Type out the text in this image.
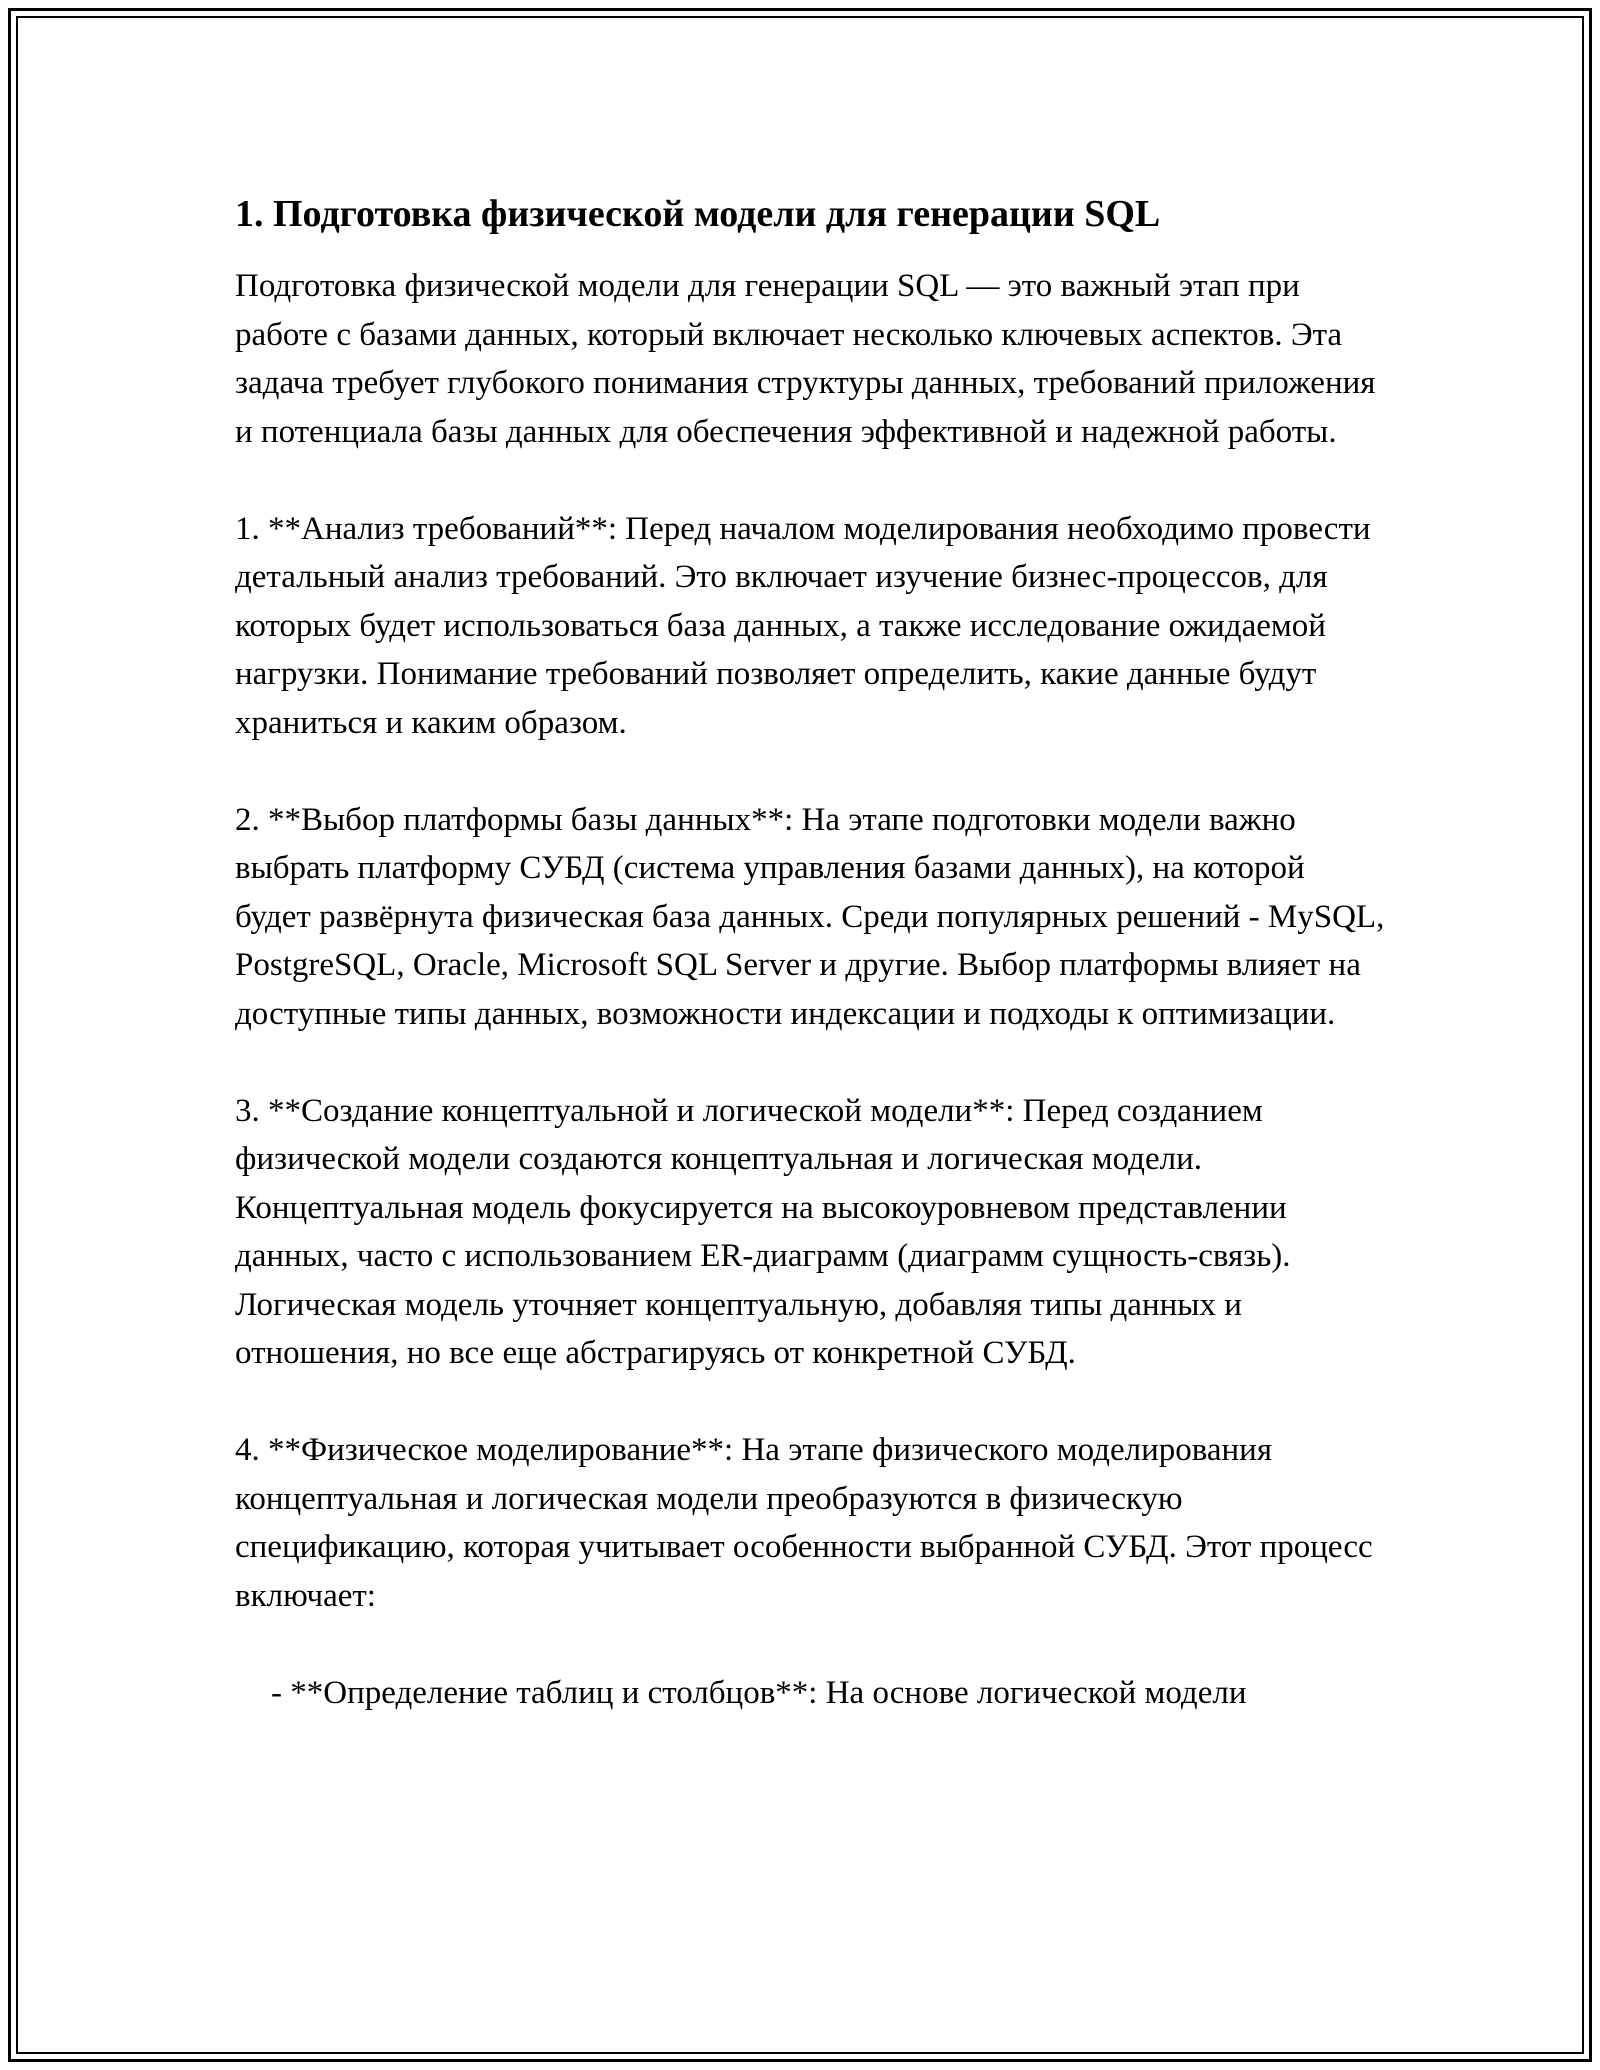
1. Подготовка физической модели для генерации SQL

Подготовка физической модели для генерации SQL — это важный этап при работе с базами данных, который включает несколько ключевых аспектов. Эта задача требует глубокого понимания структуры данных, требований приложения и потенциала базы данных для обеспечения эффективной и надежной работы.

1. **Анализ требований**: Перед началом моделирования необходимо провести детальный анализ требований. Это включает изучение бизнес-процессов, для которых будет использоваться база данных, а также исследование ожидаемой нагрузки. Понимание требований позволяет определить, какие данные будут храниться и каким образом.

2. **Выбор платформы базы данных**: На этапе подготовки модели важно выбрать платформу СУБД (система управления базами данных), на которой будет развёрнута физическая база данных. Среди популярных решений - MySQL, PostgreSQL, Oracle, Microsoft SQL Server и другие. Выбор платформы влияет на доступные типы данных, возможности индексации и подходы к оптимизации.

3. **Создание концептуальной и логической модели**: Перед созданием физической модели создаются концептуальная и логическая модели. Концептуальная модель фокусируется на высокоуровневом представлении данных, часто с использованием ER-диаграмм (диаграмм сущность-связь). Логическая модель уточняет концептуальную, добавляя типы данных и отношения, но все еще абстрагируясь от конкретной СУБД.

4. **Физическое моделирование**: На этапе физического моделирования концептуальная и логическая модели преобразуются в физическую спецификацию, которая учитывает особенности выбранной СУБД. Этот процесс включает:

- **Определение таблиц и столбцов**: На основе логической модели
